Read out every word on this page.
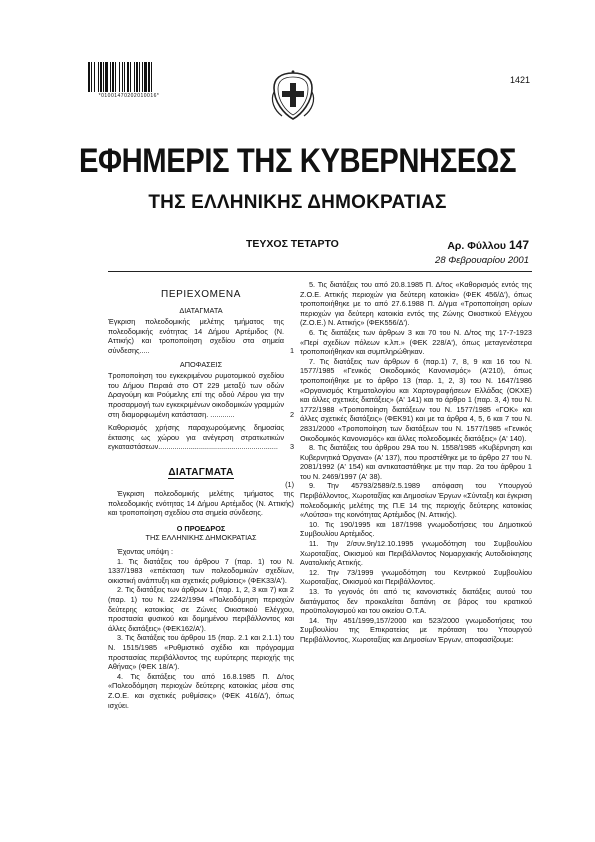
*01001470202010016*
1421
ΕΦΗΜΕΡΙΣ ΤΗΣ ΚΥΒΕΡΝΗΣΕΩΣ
ΤΗΣ ΕΛΛΗΝΙΚΗΣ ΔΗΜΟΚΡΑΤΙΑΣ
ΤΕΥΧΟΣ ΤΕΤΑΡΤΟ	Αρ. Φύλλου 147
28 Φεβρουαρίου 2001
ΠΕΡΙΕΧΟΜΕΝΑ
ΔΙΑΤΑΓΜΑΤΑ

Έγκριση πολεοδομικής μελέτης τμήματος της πολεοδομικής ενότητας 14 Δήμου Αρτέμιδος (Ν. Αττικής) και τροποποίηση σχεδίου στα σημεία σύνδεσης.....	1

ΑΠΟΦΑΣΕΙΣ

Τροποποίηση του εγκεκριμένου ρυμοτομικού σχεδίου του Δήμου Πειραιά στο ΟΤ 229 μεταξύ των οδών Δραγούμη και Ρούμελης επί της οδού Λέρου για την προσαρμογή των εγκεκριμένων οικοδομικών γραμμών στη διαμορφωμένη κατάσταση. ............	2

Καθορισμός χρήσης παραχωρούμενης δημοσίας έκτασης ως χώρου για ανέγερση στρατιωτικών εγκαταστάσεων........................................................... 3

ΔΙΑΤΑΓΜΑΤΑ

(1)

Έγκριση πολεοδομικής μελέτης τμήματος της πολεοδομικής ενότητας 14 Δήμου Αρτέμιδος (Ν. Αττικής) και τροποποίηση σχεδίου στα σημεία σύνδεσης.

Ο ΠΡΟΕΔΡΟΣ

ΤΗΣ ΕΛΛΗΝΙΚΗΣ ΔΗΜΟΚΡΑΤΙΑΣ

Έχοντας υπόψη :

1. Τις διατάξεις του άρθρου 7 (παρ. 1) του Ν. 1337/1983 «επέκταση των πολεοδομικών σχεδίων, οικιστική ανάπτυξη και σχετικές ρυθμίσεις» (ΦΕΚ33/Α').

2. Τις διατάξεις των άρθρων 1 (παρ. 1, 2, 3 και 7) και 2 (παρ. 1) του Ν. 2242/1994 «Πολεοδόμηση περιοχών δεύτερης κατοικίας σε Ζώνες Οικιστικού Ελέγχου, προστασία φυσικού και δομημένου περιβάλλοντος και άλλες διατάξεις» (ΦΕΚ162/Α').

3. Τις διατάξεις του άρθρου 15 (παρ. 2.1 και 2.1.1) του Ν. 1515/1985 «Ρυθμιστικό σχέδιο και πρόγραμμα προστασίας περιβάλλοντος της ευρύτερης περιοχής της Αθήνας» (ΦΕΚ 18/Α').

4. Τις διατάξεις του από 16.8.1985 Π. Δ/τος «Πολεοδόμηση περιοχών δεύτερης κατοικίας μέσα στις Ζ.Ο.Ε. και σχετικές ρυθμίσεις» (ΦΕΚ 416/Δ'), όπως ισχύει.

5. Τις διατάξεις του από 20.8.1985 Π. Δ/τος «Καθορισμός εντός της Ζ.Ο.Ε. Αττικής περιοχών για δεύτερη κατοικία» (ΦΕΚ 456/Δ'), όπως τροποποιήθηκε με το από 27.6.1988 Π. Δ/γμα «Τροποποίηση ορίων περιοχών για δεύτερη κατοικία εντός της Ζώνης Οικιστικού Ελέγχου (Ζ.Ο.Ε.) Ν. Αττικής» (ΦΕΚ556/Δ').

6. Τις διατάξεις των άρθρων 3 και 70 του Ν. Δ/τος της 17-7-1923 «Περί σχεδίων πόλεων κ.λπ.» (ΦΕΚ 228/Α'), όπως μεταγενέστερα τροποποιήθηκαν και συμπληρώθηκαν.

7. Τις διατάξεις των άρθρων 6 (παρ.1) 7, 8, 9 και 16 του Ν. 1577/1985 «Γενικός Οικοδομικός Κανονισμός» (Α'210), όπως τροποποιήθηκε με το άρθρο 13 (παρ. 1, 2, 3) του Ν. 1647/1986 «Οργανισμός Κτηματολογίου και Χαρτογραφήσεων Ελλάδας (ΟΚΧΕ) και άλλες σχετικές διατάξεις» (Α' 141) και το άρθρο 1 (παρ. 3, 4) του Ν. 1772/1988 «Τροποποίηση διατάξεων του Ν. 1577/1985 «ΓΟΚ» και άλλες σχετικές διατάξεις» (ΦΕΚ91) και με τα άρθρα 4, 5, 6 και 7 του Ν. 2831/2000 «Τροποποίηση των διατάξεων του Ν. 1577/1985 «Γενικός Οικοδομικός Κανονισμός» και άλλες πολεοδομικές διατάξεις» (Α' 140).

8. Τις διατάξεις του άρθρου 29Α του Ν. 1558/1985 «Κυβέρνηση και Κυβερνητικά Όργανα» (Α' 137), που προστέθηκε με το άρθρο 27 του Ν. 2081/1992 (Α' 154) και αντικαταστάθηκε με την παρ. 2α του άρθρου 1 του Ν. 2469/1997 (Α' 38).

9. Την 45793/2589/2.5.1989 απόφαση του Υπουργού Περιβάλλοντος, Χωροταξίας και Δημοσίων Έργων «Σύνταξη και έγκριση πολεοδομικής μελέτης της Π.Ε 14 της περιοχής δεύτερης κατοικίας «Λούτσα» της κοινότητας Αρτέμιδος (Ν. Αττικής).

10. Τις 190/1995 και 187/1998 γνωμοδοτήσεις του Δημοτικού Συμβουλίου Αρτέμιδος.

11. Την 2/συν.9η/12.10.1995 γνωμοδότηση του Συμβουλίου Χωροταξίας, Οικισμού και Περιβάλλοντος Νομαρχιακής Αυτοδιοίκησης Ανατολικής Αττικής.

12. Την 73/1999 γνωμοδότηση του Κεντρικού Συμβουλίου Χωροταξίας, Οικισμού και Περιβάλλοντος.

13. Το γεγονός ότι από τις κανονιστικές διατάξεις αυτού του διατάγματος δεν προκαλείται δαπάνη σε βάρος του κρατικού προϋπολογισμού και του οικείου Ο.Τ.Α.

14. Την 451/1999,157/2000 και 523/2000 γνωμοδοτήσεις του Συμβουλίου της Επικρατείας με πρόταση του Υπουργού Περιβάλλοντος, Χωροταξίας και Δημοσίων Έργων, αποφασίζουμε:
